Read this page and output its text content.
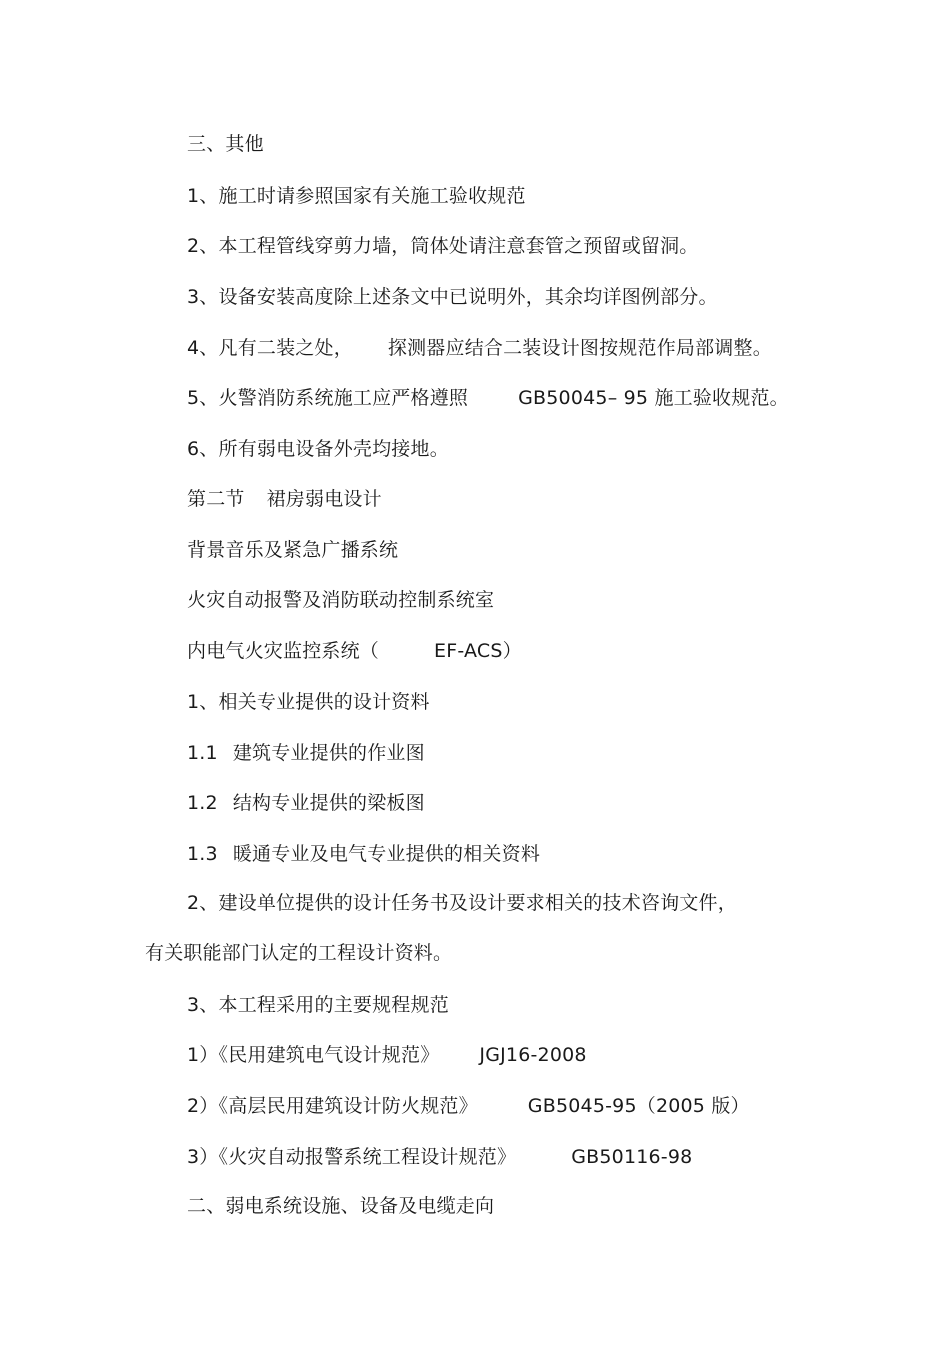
三、其他
1、施工时请参照国家有关施工验收规范
2、本工程管线穿剪力墙，筒体处请注意套管之预留或留洞。
3、设备安装高度除上述条文中已说明外，其余均详图例部分。
4、凡有二装之处， 探测器应结合二装设计图按规范作局部调整。
5、火警消防系统施工应严格遵照	GB50045– 95 施工验收规范。
6、所有弱电设备外壳均接地。
第二节 裙房弱电设计
背景音乐及紧急广播系统
火灾自动报警及消防联动控制系统室
内电气火灾监控系统（	EF-ACS）
1、相关专业提供的设计资料
1.1 建筑专业提供的作业图
1.2 结构专业提供的梁板图
1.3 暖通专业及电气专业提供的相关资料
2、建设单位提供的设计任务书及设计要求相关的技术咨询文件，
有关职能部门认定的工程设计资料。
3、本工程采用的主要规程规范
1）《民用建筑电气设计规范》 JGJ16-2008
2）《高层民用建筑设计防火规范》	GB5045-95（2005 版）
3）《火灾自动报警系统工程设计规范》	GB50116-98
二、弱电系统设施、设备及电缆走向
